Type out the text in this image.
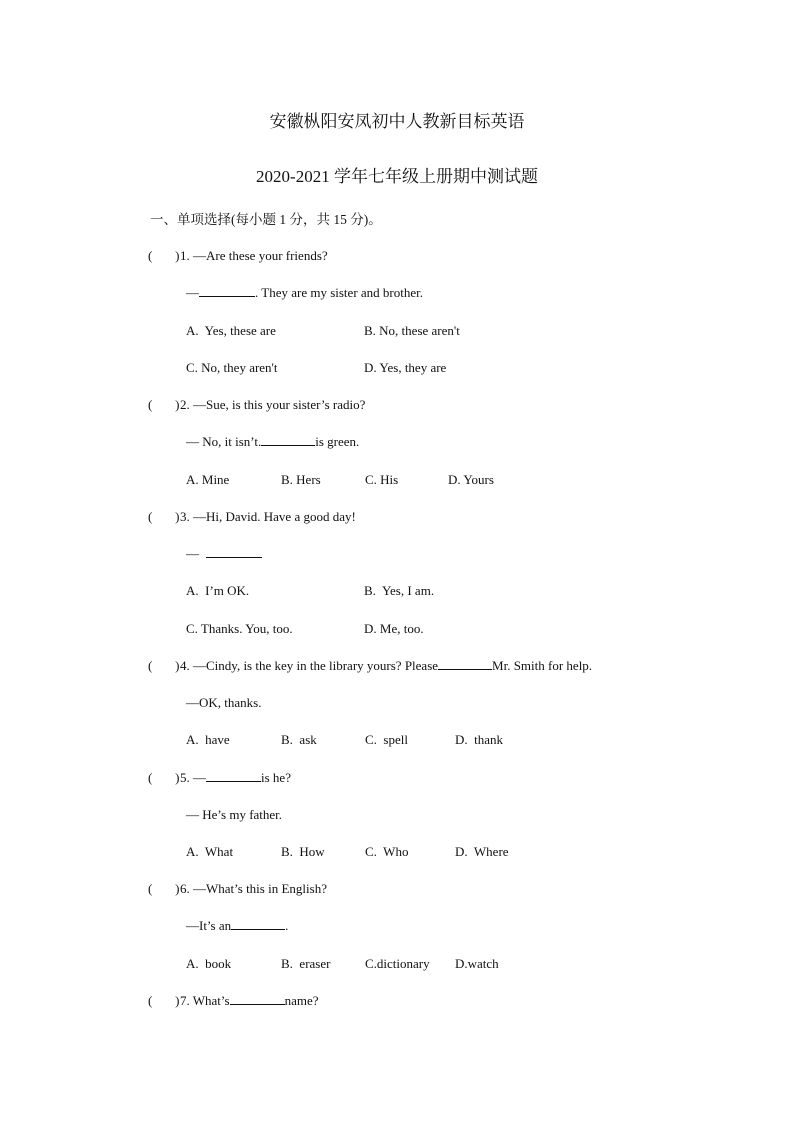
安徽枞阳安凤初中人教新目标英语
2020-2021 学年七年级上册期中测试题
一、单项选择(每小题 1 分，共 15 分)。
(       )1. —Are these your friends?
—	. They are my sister and brother.
A.  Yes, these are	B. No, these aren't
C. No, they aren't	D. Yes, they are
(       )2. —Sue, is this your sister’s radio?
— No, it isn’t.	is green.
A. Mine	B. Hers	C. His	D. Yours
(       )3. —Hi, David. Have a good day!
—
A.  I’m OK.	B.  Yes, I am.
C. Thanks. You, too.	D. Me, too.
(       )4. —Cindy, is the key in the library yours? Please	Mr. Smith for help.
—OK, thanks.
A.  have	B.  ask	C.  spell	D.  thank
(       )5. —	is he?
— He’s my father.
A.  What	B.  How	C.  Who	D.  Where
(       )6. —What’s this in English?
—It’s an	.
A.  book	B.  eraser	C.dictionary D.watch
(       )7. What’s	name?
